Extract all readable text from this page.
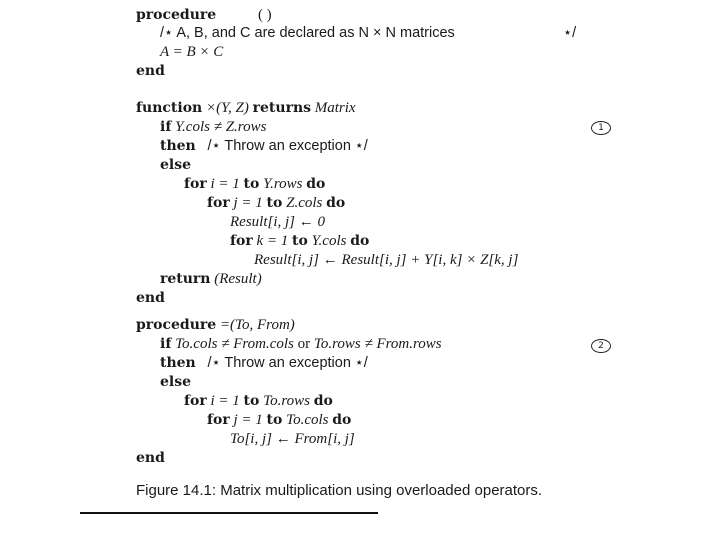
procedure	( )
/⋆ A, B, and C are declared as N × N matrices	⋆/
A = B × C
end
function ×(Y, Z) returns Matrix
if Y.cols ≠ Z.rows	1
then /⋆ Throw an exception ⋆/
else
for i = 1 to Y.rows do
for j = 1 to Z.cols do
Result[i, j] ← 0
for k = 1 to Y.cols do
Result[i, j] ← Result[i, j] + Y[i, k] × Z[k, j]
return (Result)
end
procedure =(To, From)
if To.cols ≠ From.cols or To.rows ≠ From.rows	2
then /⋆ Throw an exception ⋆/
else
for i = 1 to To.rows do
for j = 1 to To.cols do
To[i, j] ← From[i, j]
end
Figure 14.1: Matrix multiplication using overloaded operators.
